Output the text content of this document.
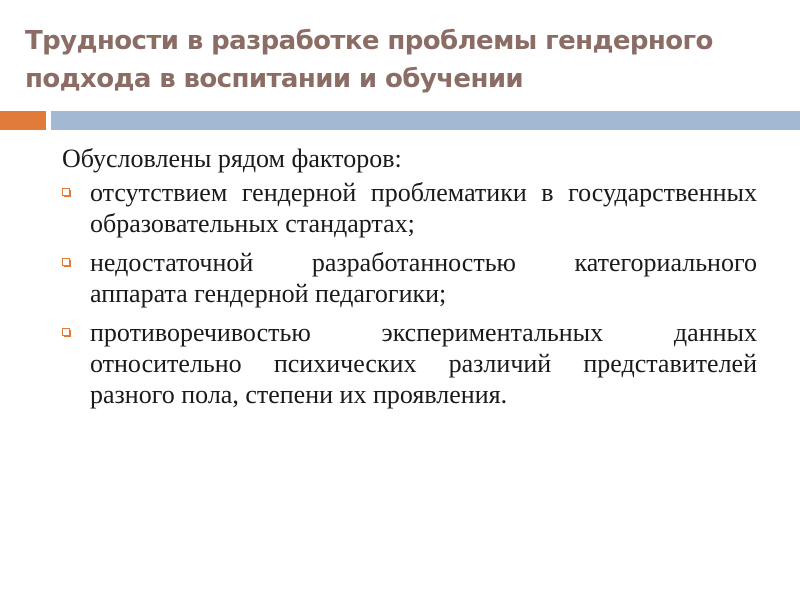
Трудности в разработке проблемы гендерного
подхода в воспитании и обучении

Обусловлены рядом факторов:

отсутствием гендерной проблематики в государственных образовательных стандартах;
недостаточной разработанностью категориального аппарата гендерной педагогики;
противоречивостью экспериментальных данных относительно психических различий представителей разного пола, степени их проявления.
